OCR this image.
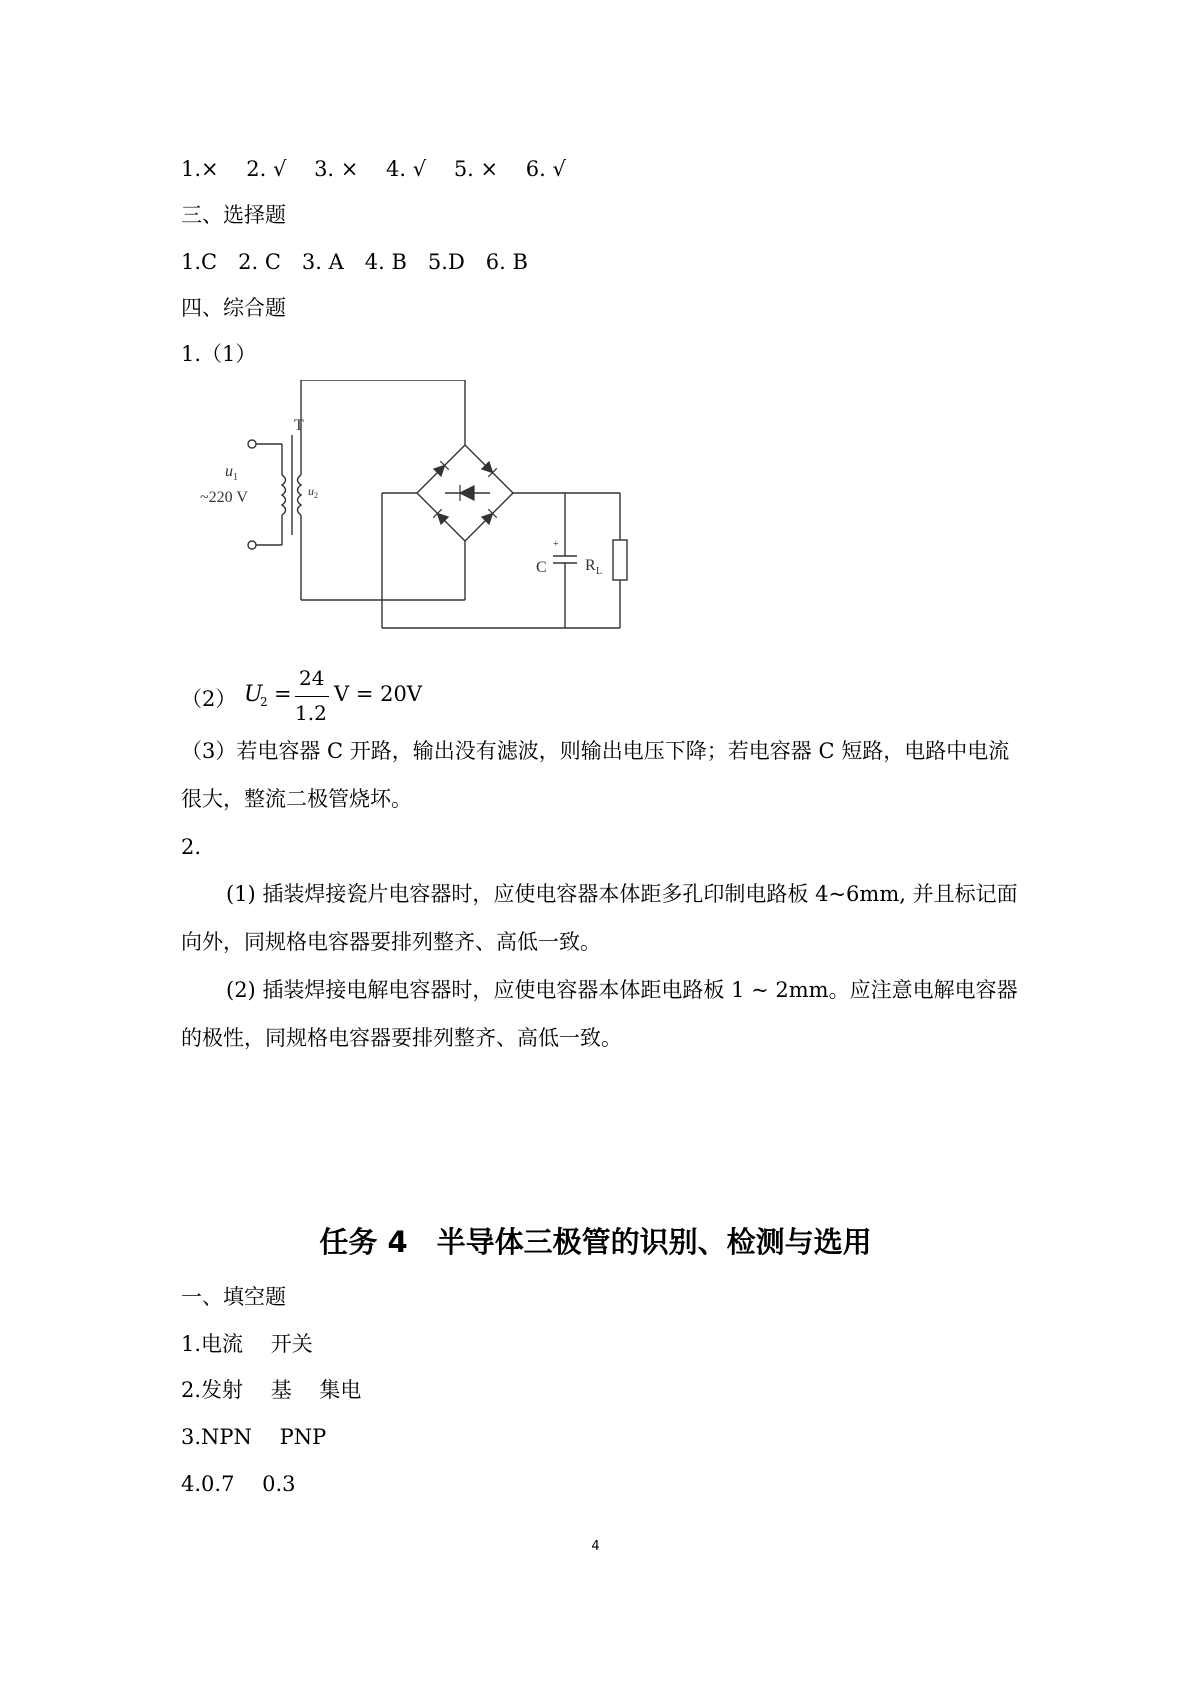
1.×　 2. √　 3. ×　 4. √　 5. ×　 6. √
三、选择题
1.C　2. C　3. A　4. B　5.D　6. B
四、综合题
1.（1）
T
u 1
~220 V	u 2
+
C R L
（2） U
2 =
24
1.2
V = 20V
（3）若电容器 C 开路，输出没有滤波，则输出电压下降；若电容器 C 短路，电路中电流很大，整流二极管烧坏。
2.
(1) 插装焊接瓷片电容器时，应使电容器本体距多孔印制电路板 4~6mm, 并且标记面向外，同规格电容器要排列整齐、高低一致。
(2) 插装焊接电解电容器时，应使电容器本体距电路板 1 ~ 2mm。应注意电解电容器的极性，同规格电容器要排列整齐、高低一致。
任务 4　半导体三极管的识别、检测与选用
一、填空题
1.电流　 开关
2.发射　 基　 集电
3.NPN　 PNP
4.0.7　 0.3
4
